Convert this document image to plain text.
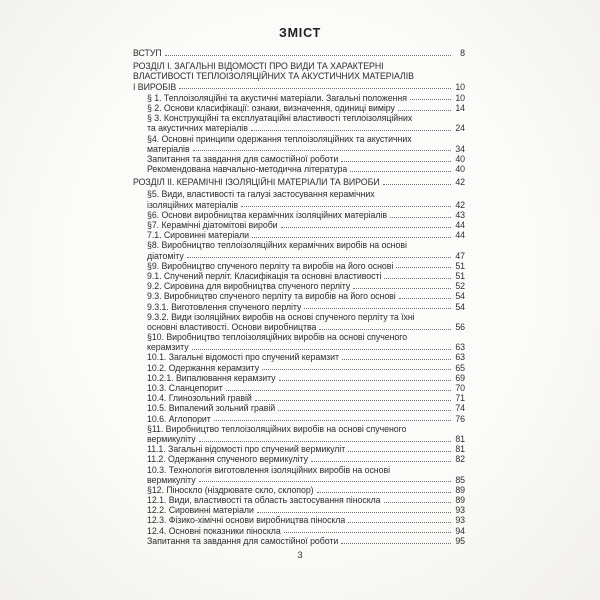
ЗМІСТ
ВСТУП	8
РОЗДІЛ І. ЗАГАЛЬНІ ВІДОМОСТІ ПРО ВИДИ ТА ХАРАКТЕРНІ
ВЛАСТИВОСТІ ТЕПЛОІЗОЛЯЦІЙНИХ ТА АКУСТИЧНИХ МАТЕРІАЛІВ
І ВИРОБІВ	10
§ 1. Теплоізоляційні та акустичні матеріали. Загальні положення	10
§ 2. Основи класифікації: ознаки, визначення, одиниці виміру	14
§ 3. Конструкційні та експлуатаційні властивості теплоізоляційних
та акустичних матеріалів	24
§4. Основні принципи одержання теплоізоляційних та акустичних
матеріалів	34
Запитання та завдання для самостійної роботи	40
Рекомендована навчально-методична література	40
РОЗДІЛ ІІ. КЕРАМІЧНІ ІЗОЛЯЦІЙНІ МАТЕРІАЛИ ТА ВИРОБИ	42
§5. Види, властивості та галузі застосування керамічних
ізоляційних матеріалів	42
§6. Основи виробництва керамічних ізоляційних матеріалів	43
§7. Керамічні діатомітові вироби	44
7.1. Сировинні матеріали	44
§8. Виробництво теплоізоляційних керамічних виробів на основі
діатоміту	47
§9. Виробництво спученого перліту та виробів на його основі	51
9.1. Спучений перліт. Класифікація та основні властивості	51
9.2. Сировина для виробництва спученого перліту	52
9.3. Виробництво спученого перліту та виробів на його основі	54
9.3.1. Виготовлення спученого перліту	54
9.3.2. Види ізоляційних виробів на основі спученого перліту та їхні
основні властивості. Основи виробництва	56
§10. Виробництво теплоізоляційних виробів на основі спученого
керамзиту	63
10.1. Загальні відомості про спучений керамзит	63
10.2. Одержання керамзиту	65
10.2.1. Випалювання керамзиту	69
10.3. Сланцепорит	70
10.4. Глинозольний гравій	71
10.5. Випалений зольний гравій	74
10.6. Аглопорит	76
§11. Виробництво теплоізоляційних виробів на основі спученого
вермикуліту	81
11.1. Загальні відомості про спучений вермикуліт	81
11.2. Одержання спученого вермикуліту	82
10.3. Технологія виготовлення ізоляційних виробів на основі
вермикуліту	85
§12. Піноскло (ніздрювате скло, склопор)	89
12.1. Види, властивості та область застосування піноскла	89
12.2. Сировинні матеріали	93
12.3. Фізико-хімічні основи виробництва піноскла	93
12.4. Основні показники піноскла	94
Запитання та завдання для самостійної роботи	95
3
